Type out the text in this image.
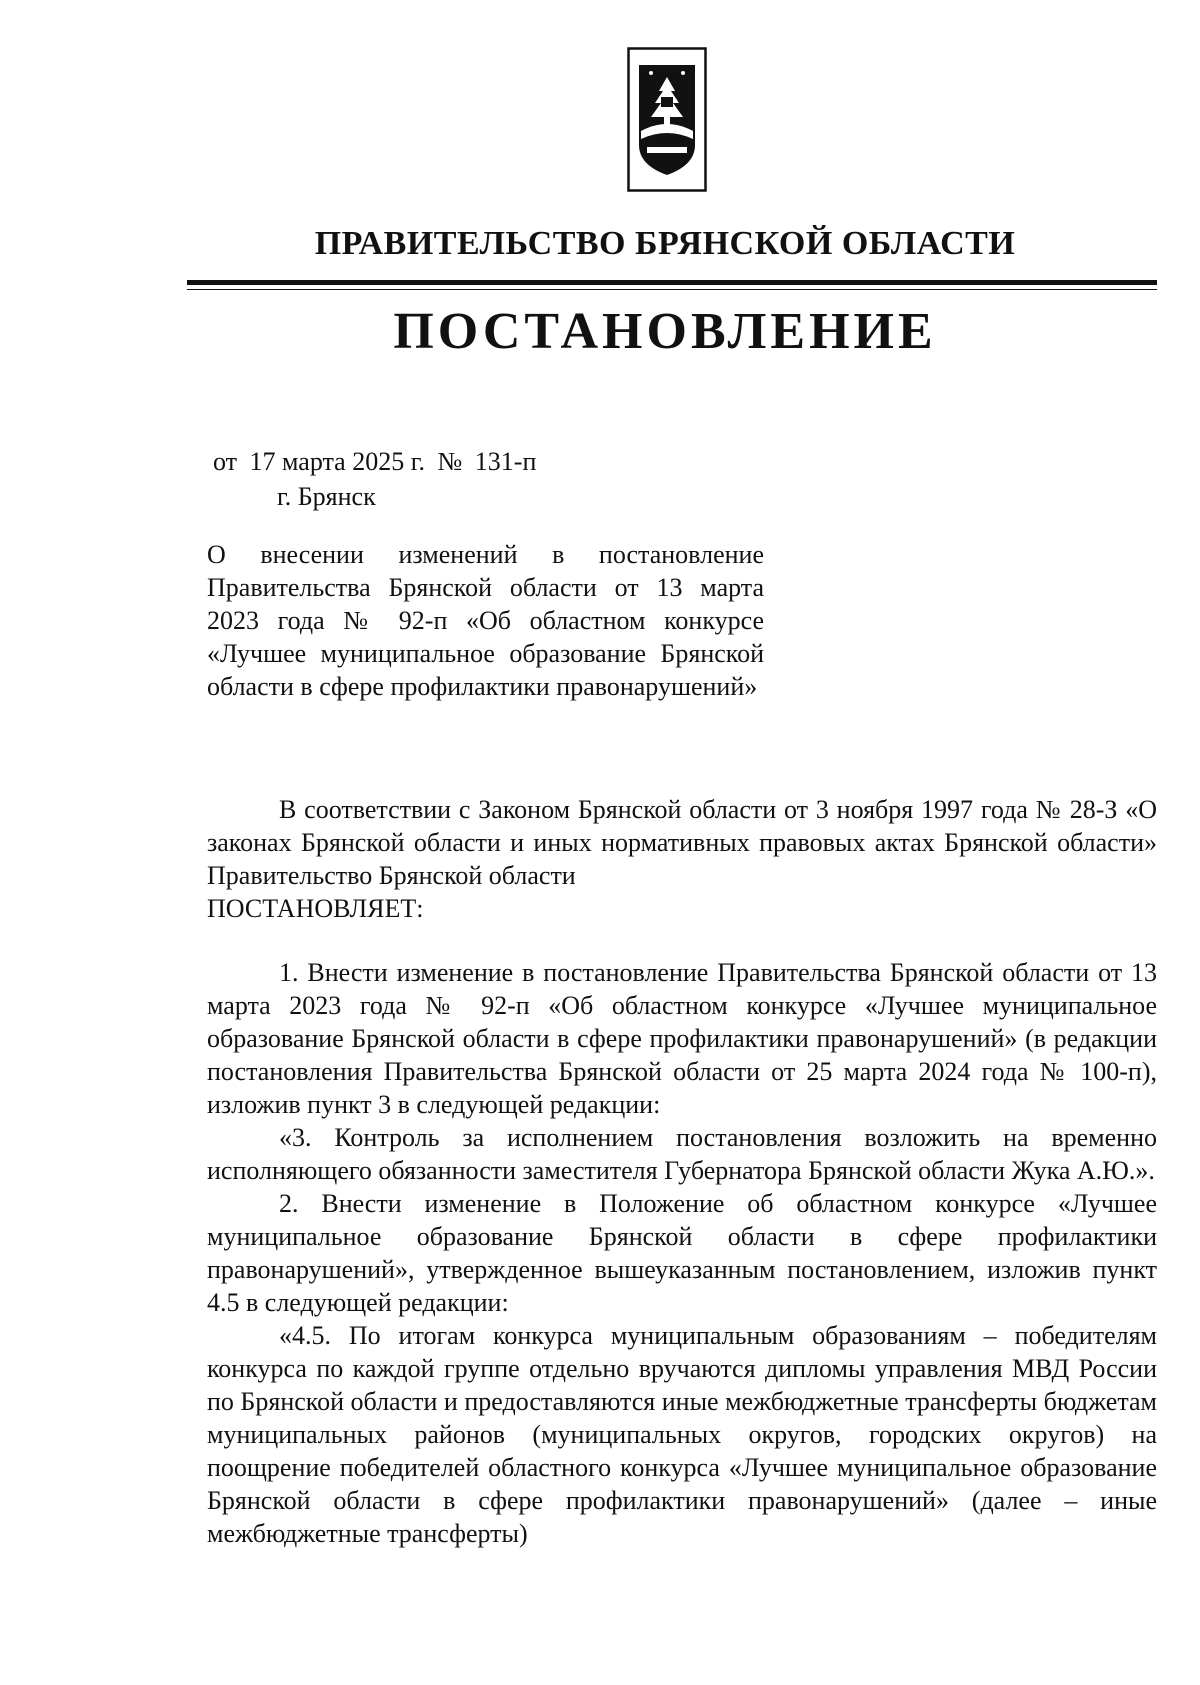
ПРАВИТЕЛЬСТВО БРЯНСКОЙ ОБЛАСТИ
ПОСТАНОВЛЕНИЕ
от 17 марта 2025 г. № 131-п
г. Брянск

О внесении изменений в постановление Правительства Брянской области от 13 марта 2023 года № 92-п «Об областном конкурсе «Лучшее муниципальное образование Брянской области в сфере профилактики правонарушений»

В соответствии с Законом Брянской области от 3 ноября 1997 года № 28-З «О законах Брянской области и иных нормативных правовых актах Брянской области» Правительство Брянской области

ПОСТАНОВЛЯЕТ:

1. Внести изменение в постановление Правительства Брянской области от 13 марта 2023 года № 92-п «Об областном конкурсе «Лучшее муниципальное образование Брянской области в сфере профилактики правонарушений» (в редакции постановления Правительства Брянской области от 25 марта 2024 года № 100-п), изложив пункт 3 в следующей редакции:

«3. Контроль за исполнением постановления возложить на временно исполняющего обязанности заместителя Губернатора Брянской области Жука А.Ю.».

2. Внести изменение в Положение об областном конкурсе «Лучшее муниципальное образование Брянской области в сфере профилактики правонарушений», утвержденное вышеуказанным постановлением, изложив пункт 4.5 в следующей редакции:

«4.5. По итогам конкурса муниципальным образованиям – победителям конкурса по каждой группе отдельно вручаются дипломы управления МВД России по Брянской области и предоставляются иные межбюджетные трансферты бюджетам муниципальных районов (муниципальных округов, городских округов) на поощрение победителей областного конкурса «Лучшее муниципальное образование Брянской области в сфере профилактики правонарушений» (далее – иные межбюджетные трансферты)
